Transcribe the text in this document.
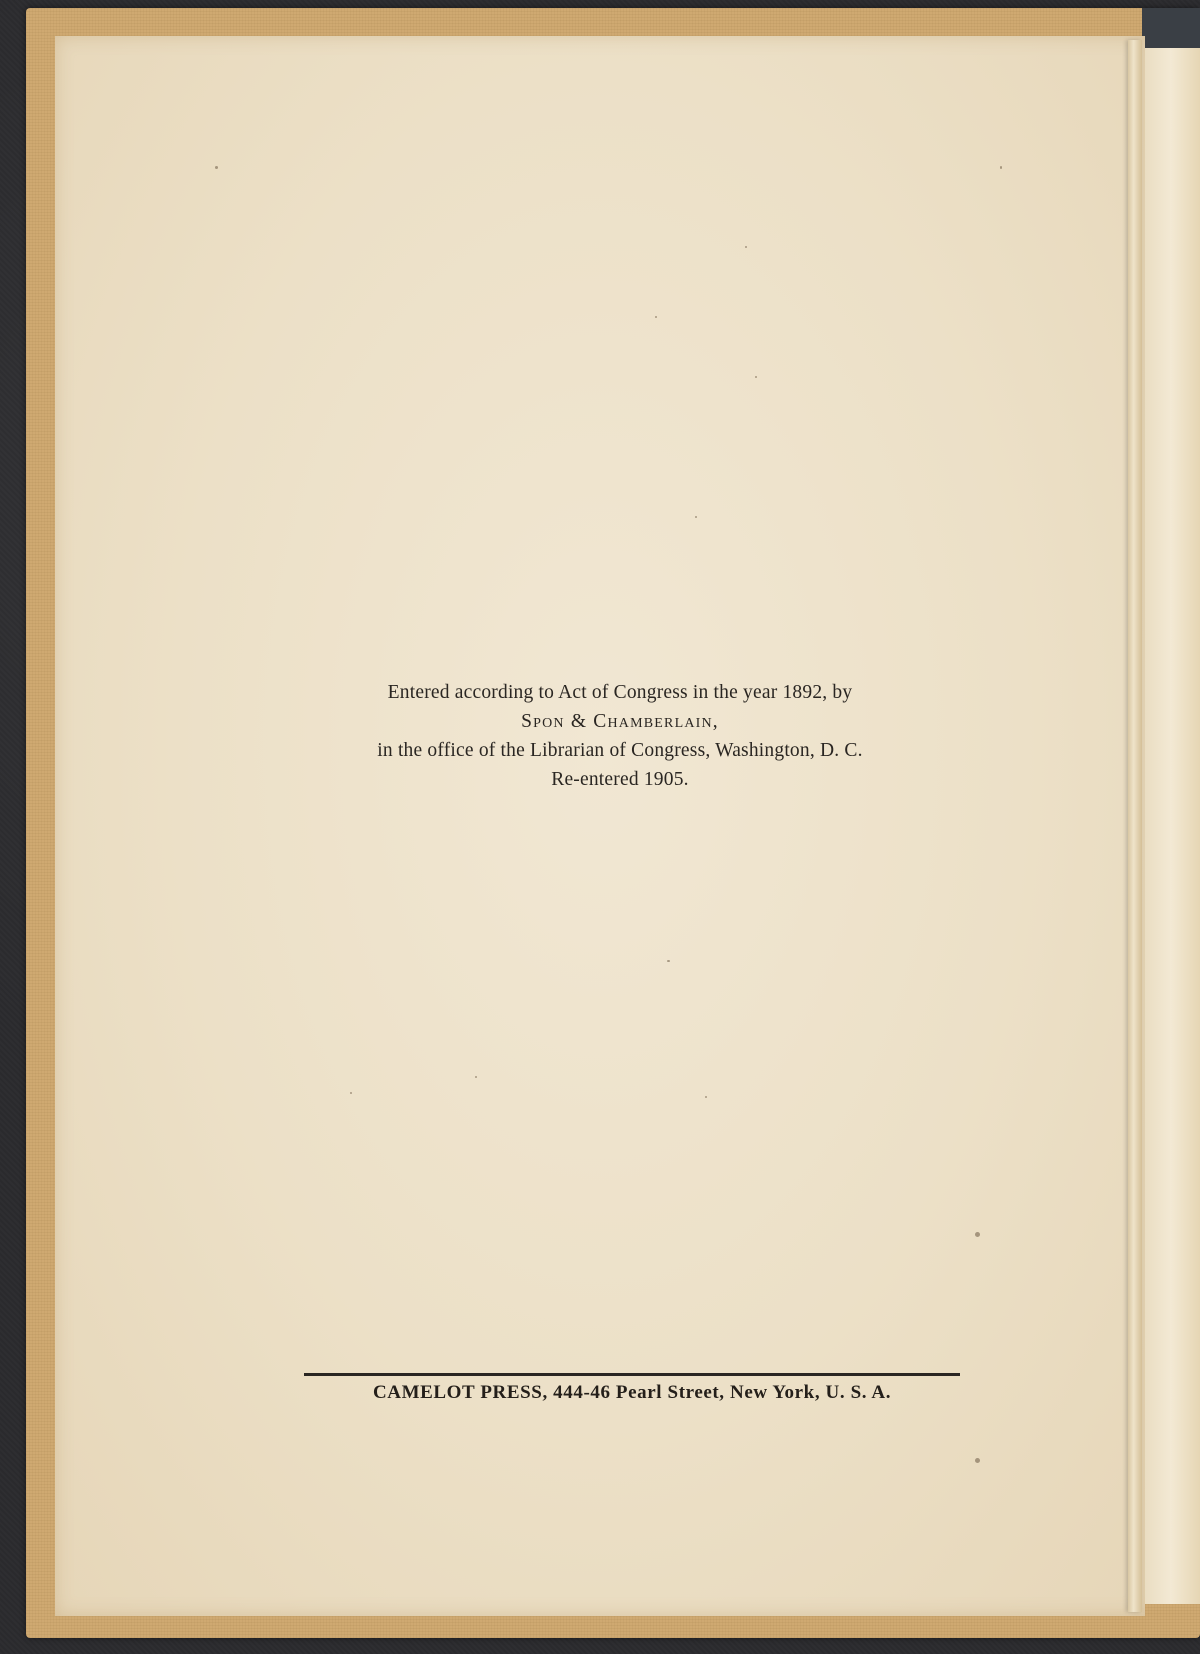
Entered according to Act of Congress in the year 1892, by
Spon & Chamberlain,
in the office of the Librarian of Congress, Washington, D. C.
Re-entered 1905.
CAMELOT PRESS, 444-46 Pearl Street, New York, U. S. A.
